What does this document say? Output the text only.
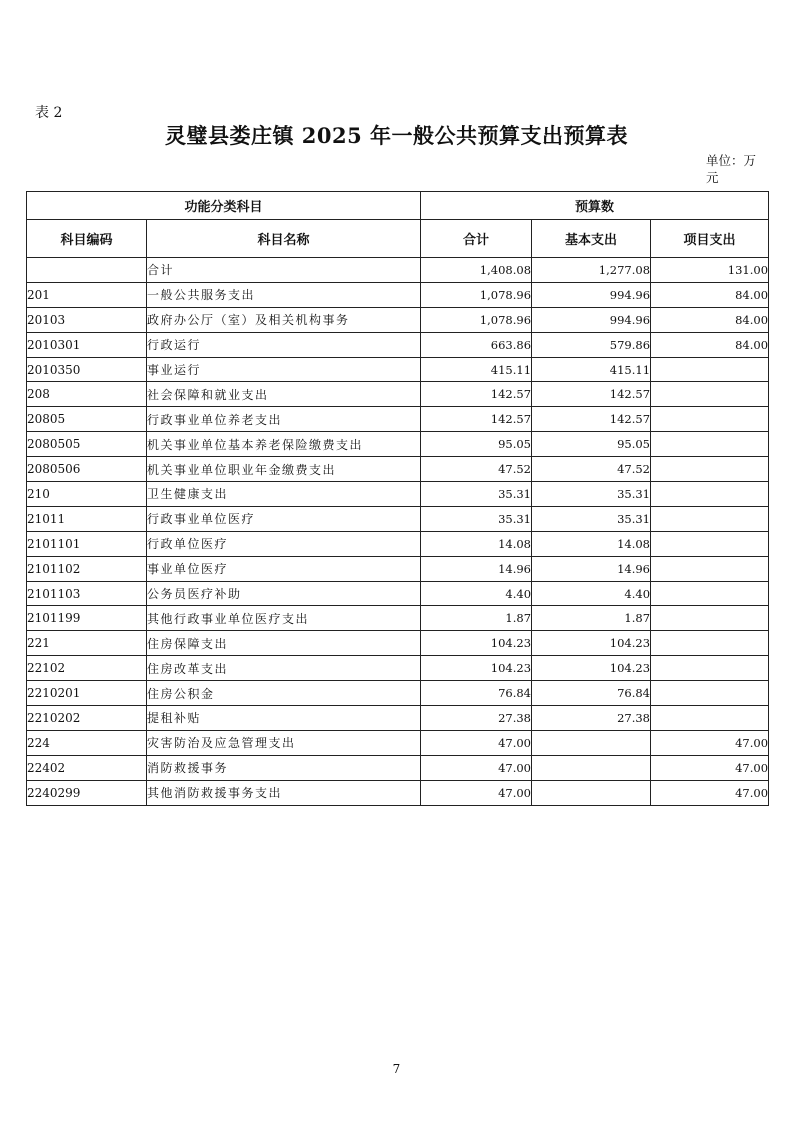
表 2
灵璧县娄庄镇 2025 年一般公共预算支出预算表
单位：万元
功能分类科目		预算数		
科目编码	科目名称	合计	基本支出	项目支出
	合计	1,408.08	1,277.08	131.00
201	一般公共服务支出	1,078.96	994.96	84.00
20103	政府办公厅（室）及相关机构事务	1,078.96	994.96	84.00
2010301	行政运行	663.86	579.86	84.00
2010350	事业运行	415.11	415.11	
208	社会保障和就业支出	142.57	142.57	
20805	行政事业单位养老支出	142.57	142.57	
2080505	机关事业单位基本养老保险缴费支出	95.05	95.05	
2080506	机关事业单位职业年金缴费支出	47.52	47.52	
210	卫生健康支出	35.31	35.31	
21011	行政事业单位医疗	35.31	35.31	
2101101	行政单位医疗	14.08	14.08	
2101102	事业单位医疗	14.96	14.96	
2101103	公务员医疗补助	4.40	4.40	
2101199	其他行政事业单位医疗支出	1.87	1.87	
221	住房保障支出	104.23	104.23	
22102	住房改革支出	104.23	104.23	
2210201	住房公积金	76.84	76.84	
2210202	提租补贴	27.38	27.38	
224	灾害防治及应急管理支出	47.00		47.00
22402	消防救援事务	47.00		47.00
2240299	其他消防救援事务支出	47.00		47.00
7
